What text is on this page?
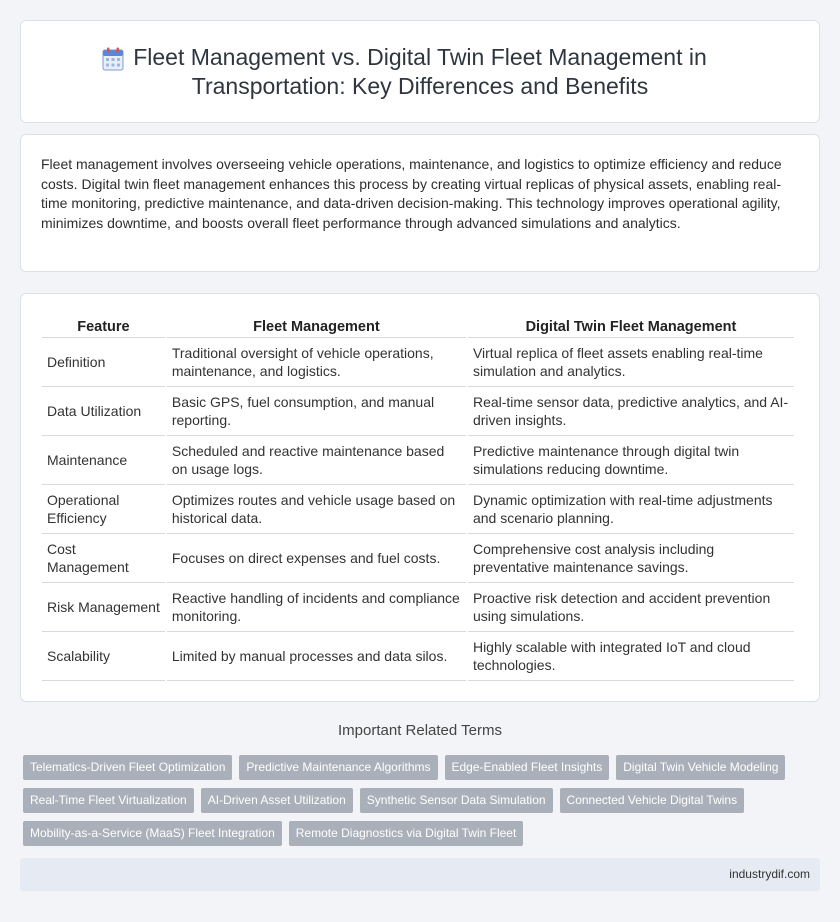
Fleet Management vs. Digital Twin Fleet Management in Transportation: Key Differences and Benefits

Fleet management involves overseeing vehicle operations, maintenance, and logistics to optimize efficiency and reduce costs. Digital twin fleet management enhances this process by creating virtual replicas of physical assets, enabling real-time monitoring, predictive maintenance, and data-driven decision-making. This technology improves operational agility, minimizes downtime, and boosts overall fleet performance through advanced simulations and analytics.

Feature	Fleet Management	Digital Twin Fleet Management
Definition	Traditional oversight of vehicle operations, maintenance, and logistics.	Virtual replica of fleet assets enabling real-time simulation and analytics.
Data Utilization	Basic GPS, fuel consumption, and manual reporting.	Real-time sensor data, predictive analytics, and AI-driven insights.
Maintenance	Scheduled and reactive maintenance based on usage logs.	Predictive maintenance through digital twin simulations reducing downtime.
Operational Efficiency	Optimizes routes and vehicle usage based on historical data.	Dynamic optimization with real-time adjustments and scenario planning.
Cost Management	Focuses on direct expenses and fuel costs.	Comprehensive cost analysis including preventative maintenance savings.
Risk Management	Reactive handling of incidents and compliance monitoring.	Proactive risk detection and accident prevention using simulations.
Scalability	Limited by manual processes and data silos.	Highly scalable with integrated IoT and cloud technologies.
Important Related Terms
Telematics-Driven Fleet Optimization	Predictive Maintenance Algorithms	Edge-Enabled Fleet Insights	Digital Twin Vehicle Modeling
Real-Time Fleet Virtualization	AI-Driven Asset Utilization	Synthetic Sensor Data Simulation	Connected Vehicle Digital Twins
Mobility-as-a-Service (MaaS) Fleet Integration	Remote Diagnostics via Digital Twin Fleet
industrydif.com
